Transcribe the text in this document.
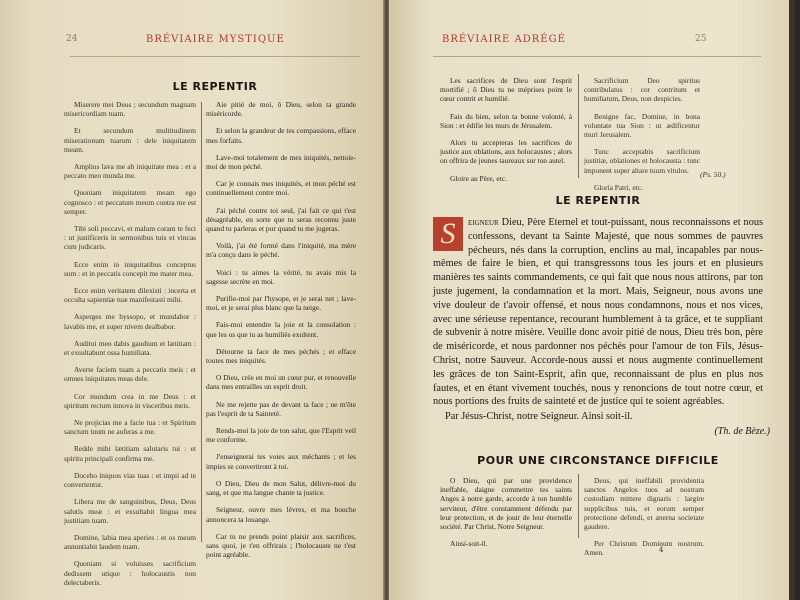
24	BRÉVIAIRE MYSTIQUE
LE REPENTIR

Miserere mei Deus ; secundum magnam misericordiam tuam.

Et secundum multitudinem miserationum tuarum : dele iniquitatem meam.

Amplius lava me ab iniquitate mea : et a peccato meo munda me.

Quoniam iniquitatem meam ego cognosco : et peccatum meum contra me est semper.

Tibi soli peccavi, et malum coram te feci : ut justificeris in sermonibus tuis et vincas cum judicaris.

Ecce enim in iniquitatibus conceptus sum : et in peccatis concepit me mater mea.

Ecce enim veritatem dilexisti : incerta et occulta sapientiæ tuæ manifestasti mihi.

Asperges me hyssopo, et mundabor : lavabis me, et super nivem dealbabor.

Auditui meo dabis gaudium et lætitiam : et exsultabunt ossa humiliata.

Averte faciem tuam a peccatis meis : et omnes iniquitates meas dele.

Cor mundum crea in me Deus : et spiritum rectum innova in visceribus meis.

Ne projicias me a facie tua : et Spiritum sanctum tuum ne auferas a me.

Redde mihi lætitiam salutaris tui : et spiritu principali confirma me.

Docebo iniquos vias tuas : et impii ad te convertentur.

Libera me de sanguinibus, Deus, Deus salutis meæ : et exsultabit lingua mea justitiam tuam.

Domine, labia mea aperies : et os meum annuntiabit laudem tuam.

Quoniam si voluisses sacrificium dedissem utique : holocaustis non delectaberis.

Aie pitié de moi, ô Dieu, selon ta grande miséricorde.

Et selon la grandeur de tes compassions, efface mes forfaits.

Lave-moi totalement de mes iniquités, nettoie-moi de mon péché.

Car je connais mes iniquités, et mon péché est continuellement contre moi.

J'ai péché contre toi seul, j'ai fait ce qui t'est désagréable, en sorte que tu seras reconnu juste quand tu parleras et pur quand tu me jugeras.

Voilà, j'ai été formé dans l'iniquité, ma mère m'a conçu dans le péché.

Voici : tu aimes la vérité, tu avais mis la sagesse secrète en moi.

Purifie-moi par l'hysope, et je serai net ; lave-moi, et je serai plus blanc que la neige.

Fais-moi entendre la joie et la consolation : que les os que tu as humiliés exultent.

Détourne ta face de mes péchés ; et efface toutes mes iniquités.

O Dieu, crée en moi un cœur pur, et renouvelle dans mes entrailles un esprit droit.

Ne me rejette pas de devant ta face ; ne m'ôte pas l'esprit de ta Sainteté.

Rends-moi la joie de ton salut, que l'Esprit veil me conforme.

J'enseignerai tes voies aux méchants ; et les impies se convertiront à toi.

O Dieu, Dieu de mon Salut, délivre-moi du sang, et que ma langue chante ta justice.

Seigneur, ouvre mes lèvres, et ma bouche annoncera ta louange.

Car tu ne prends point plaisir aux sacrifices, sans quoi, je t'en offrirais ; l'holocauste ne t'est point agréable.

BRÉVIAIRE ADRÉGÉ	25

Les sacrifices de Dieu sont l'esprit mortifié ; ô Dieu tu ne méprises point le cœur contrit et humilié.

Fais du bien, selon ta bonne volonté, à Sion : et édifie les murs de Jérusalem.

Alors tu accepteras les sacrifices de justice aux oblations, aux holocaustes ; alors on offrira de jeunes taureaux sur ton autel.

Gloire au Père, etc.

Sacrificium Deo spiritus contribulatus : cor contritum et humiliatum, Deus, non despicies.

Benigne fac, Domine, in bona voluntate tua Sion : ut ædificentur muri Jerusalem.

Tunc acceptabis sacrificium justitiæ, oblationes et holocausta : tunc imponent super altare tuum vitulos.

Gloria Patri, etc.

(Ps. 50.)
LE REPENTIR
S	eigneur Dieu, Père Eternel et tout-puissant, nous reconnaissons et nous confessons, devant ta Sainte Majesté, que nous sommes de pauvres pécheurs, nés dans la corruption, enclins au mal, incapables par nous-mêmes de faire le bien, et qui transgressons tous les jours et en plusieurs manières tes saints commandements, ce qui fait que nous nous attirons, par ton juste jugement, la condamnation et la mort. Mais, Seigneur, nous avons une vive douleur de t'avoir offensé, et nous nous condamnons, nous et nos vices, avec une sérieuse repentance, recourant humblement à ta grâce, et te suppliant de subvenir à notre misère. Veuille donc avoir pitié de nous, Dieu très bon, père de miséricorde, et nous pardonner nos péchés pour l'amour de ton Fils, Jésus-Christ, notre Sauveur. Accorde-nous aussi et nous augmente continuellement les grâces de ton Saint-Esprit, afin que, reconnaissant de plus en plus nos fautes, et en étant vivement touchés, nous y renoncions de tout notre cœur, et nous portions des fruits de sainteté et de justice qui te soient agréables.
Par Jésus-Christ, notre Seigneur. Ainsi soit-il.
(Th. de Bèze.)
POUR UNE CIRCONSTANCE DIFFICILE

O Dieu, qui par une providence ineffable, daigne commettre tes saints Anges à notre garde, accorde à ton humble serviteur, d'être constamment défendu par leur protection, et de jouir de leur éternelle société. Par Christ, Notre Seigneur.

Ainsi-soit-il.

Deus, qui ineffabili providentia sanctos Angelos tuos ad nostram custodiam mittere dignaris : largire supplicibus tuis, et eorum semper protectione defendi, et æterna societate gaudere.

Per Christum Dominum nostrum. Amen.	4
